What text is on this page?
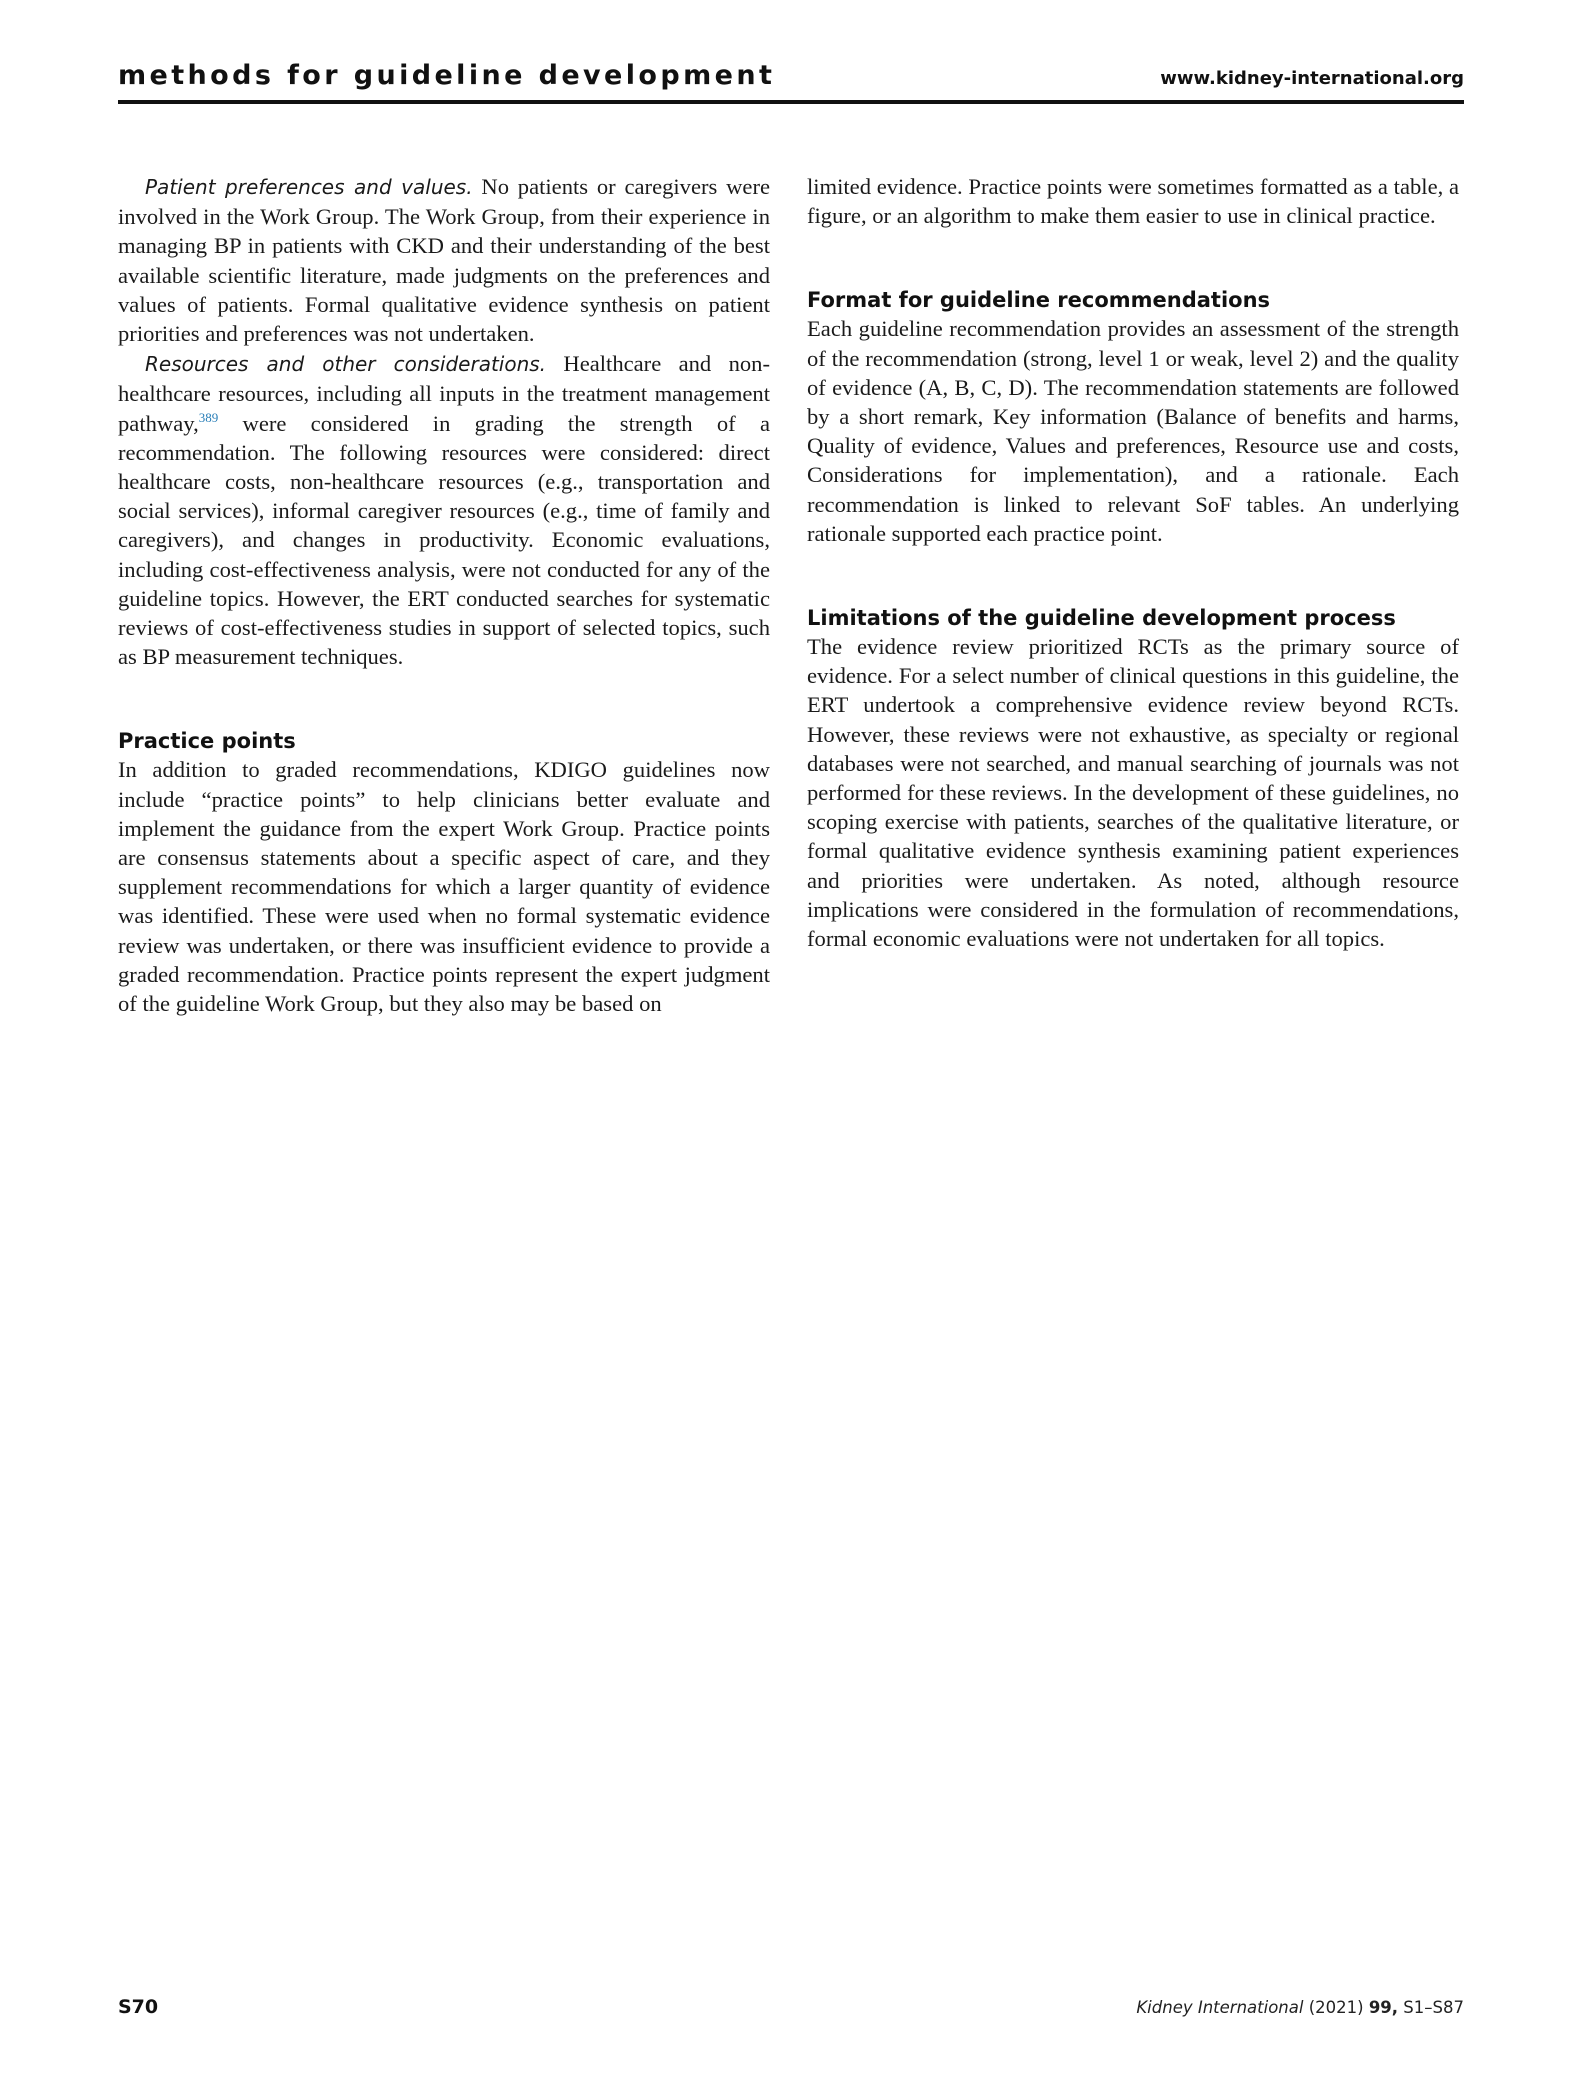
methods for guideline development	www.kidney-international.org

Patient preferences and values. No patients or caregivers were involved in the Work Group. The Work Group, from their experience in managing BP in patients with CKD and their understanding of the best available scientific literature, made judgments on the preferences and values of patients. Formal qualitative evidence synthesis on patient priorities and preferences was not undertaken.

Resources and other considerations. Healthcare and non-healthcare resources, including all inputs in the treatment management pathway,$^{389}$ were considered in grading the strength of a recommendation. The following resources were considered: direct healthcare costs, non-healthcare resources (e.g., transportation and social services), informal caregiver resources (e.g., time of family and caregivers), and changes in productivity. Economic evaluations, including cost-effectiveness analysis, were not conducted for any of the guideline topics. However, the ERT conducted searches for systematic reviews of cost-effectiveness studies in support of selected topics, such as BP measurement techniques.

Practice points

In addition to graded recommendations, KDIGO guidelines now include “practice points” to help clinicians better evaluate and implement the guidance from the expert Work Group. Practice points are consensus statements about a specific aspect of care, and they supplement recommendations for which a larger quantity of evidence was identified. These were used when no formal systematic evidence review was undertaken, or there was insufficient evidence to provide a graded recommendation. Practice points represent the expert judgment of the guideline Work Group, but they also may be based on

limited evidence. Practice points were sometimes formatted as a table, a figure, or an algorithm to make them easier to use in clinical practice.

Format for guideline recommendations

Each guideline recommendation provides an assessment of the strength of the recommendation (strong, level 1 or weak, level 2) and the quality of evidence (A, B, C, D). The recommendation statements are followed by a short remark, Key information (Balance of benefits and harms, Quality of evidence, Values and preferences, Resource use and costs, Considerations for implementation), and a rationale. Each recommendation is linked to relevant SoF tables. An underlying rationale supported each practice point.

Limitations of the guideline development process

The evidence review prioritized RCTs as the primary source of evidence. For a select number of clinical questions in this guideline, the ERT undertook a comprehensive evidence review beyond RCTs. However, these reviews were not exhaustive, as specialty or regional databases were not searched, and manual searching of journals was not performed for these reviews. In the development of these guidelines, no scoping exercise with patients, searches of the qualitative literature, or formal qualitative evidence synthesis examining patient experiences and priorities were undertaken. As noted, although resource implications were considered in the formulation of recommendations, formal economic evaluations were not undertaken for all topics.

S70	Kidney International (2021) 99, S1–S87
